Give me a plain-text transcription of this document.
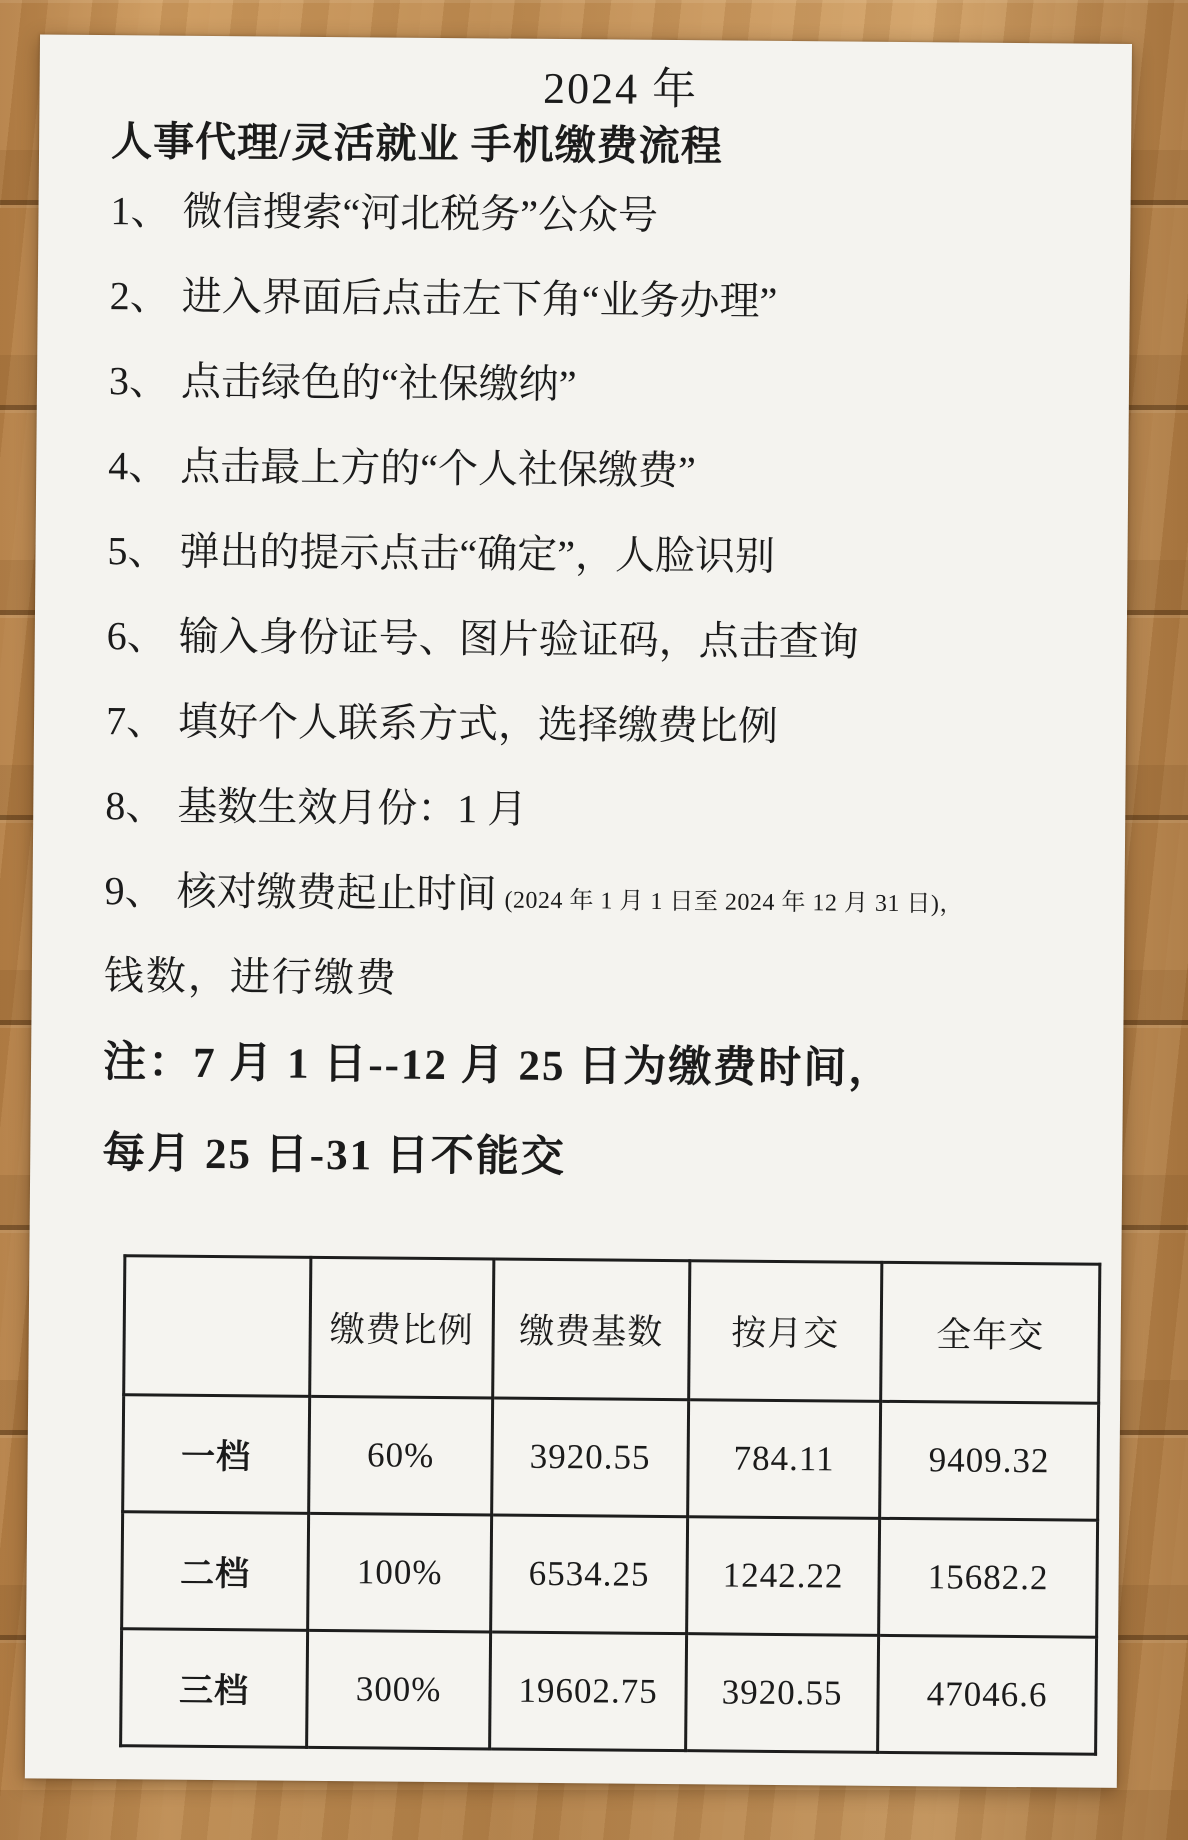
2024 年
人事代理/灵活就业 手机缴费流程
1、 微信搜索“河北税务”公众号
2、 进入界面后点击左下角“业务办理”
3、 点击绿色的“社保缴纳”
4、 点击最上方的“个人社保缴费”
5、 弹出的提示点击“确定”，人脸识别
6、 输入身份证号、图片验证码，点击查询
7、 填好个人联系方式，选择缴费比例
8、 基数生效月份：1 月
9、 核对缴费起止时间 (2024 年 1 月 1 日至 2024 年 12 月 31 日)，
钱数，进行缴费
注：7 月 1 日--12 月 25 日为缴费时间，
每月 25 日-31 日不能交
	缴费比例	缴费基数	按月交	全年交
一档	60%	3920.55	784.11	9409.32
二档	100%	6534.25	1242.22	15682.2
三档	300%	19602.75	3920.55	47046.6
